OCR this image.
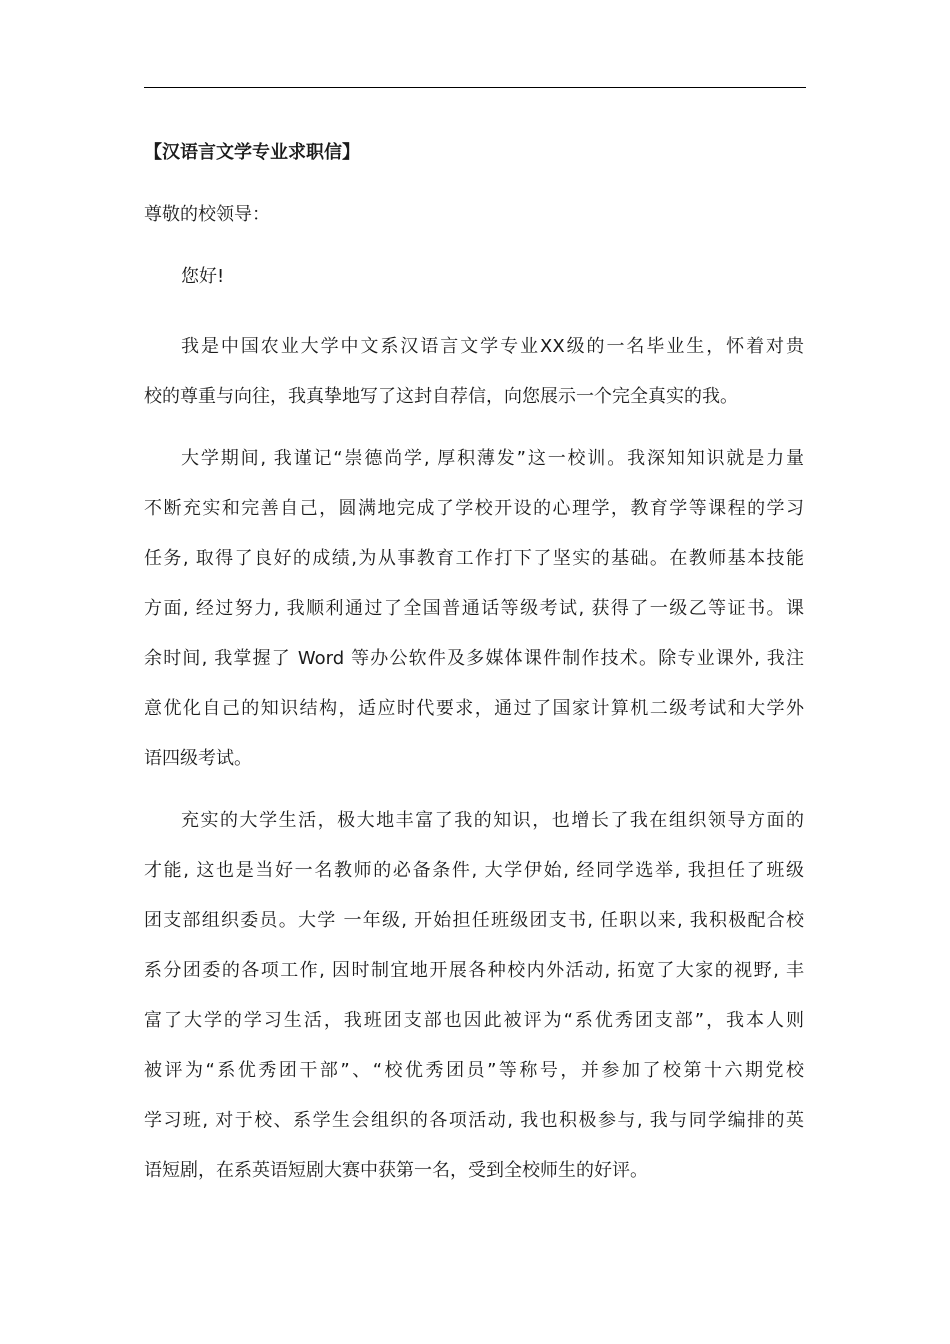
【汉语言文学专业求职信】
尊敬的校领导：
您好!
我是中国农业大学中文系汉语言文学专业XX级的一名毕业生，怀着对贵
校的尊重与向往，我真挚地写了这封自荐信，向您展示一个完全真实的我。
大学期间, 我谨记“崇德尚学, 厚积薄发”这一校训。我深知知识就是力量
不断充实和完善自己，圆满地完成了学校开设的心理学，教育学等课程的学习
任务, 取得了良好的成绩,为从事教育工作打下了坚实的基础。在教师基本技能
方面, 经过努力, 我顺利通过了全国普通话等级考试, 获得了一级乙等证书。课
余时间, 我掌握了 Word 等办公软件及多媒体课件制作技术。除专业课外, 我注
意优化自己的知识结构，适应时代要求，通过了国家计算机二级考试和大学外
语四级考试。
充实的大学生活，极大地丰富了我的知识，也增长了我在组织领导方面的
才能, 这也是当好一名教师的必备条件, 大学伊始, 经同学选举, 我担任了班级
团支部组织委员。大学 一年级, 开始担任班级团支书, 任职以来, 我积极配合校
系分团委的各项工作, 因时制宜地开展各种校内外活动, 拓宽了大家的视野, 丰
富了大学的学习生活，我班团支部也因此被评为“系优秀团支部”，我本人则
被评为“系优秀团干部”、“校优秀团员”等称号，并参加了校第十六期党校
学习班, 对于校、系学生会组织的各项活动, 我也积极参与, 我与同学编排的英
语短剧，在系英语短剧大赛中获第一名，受到全校师生的好评。
